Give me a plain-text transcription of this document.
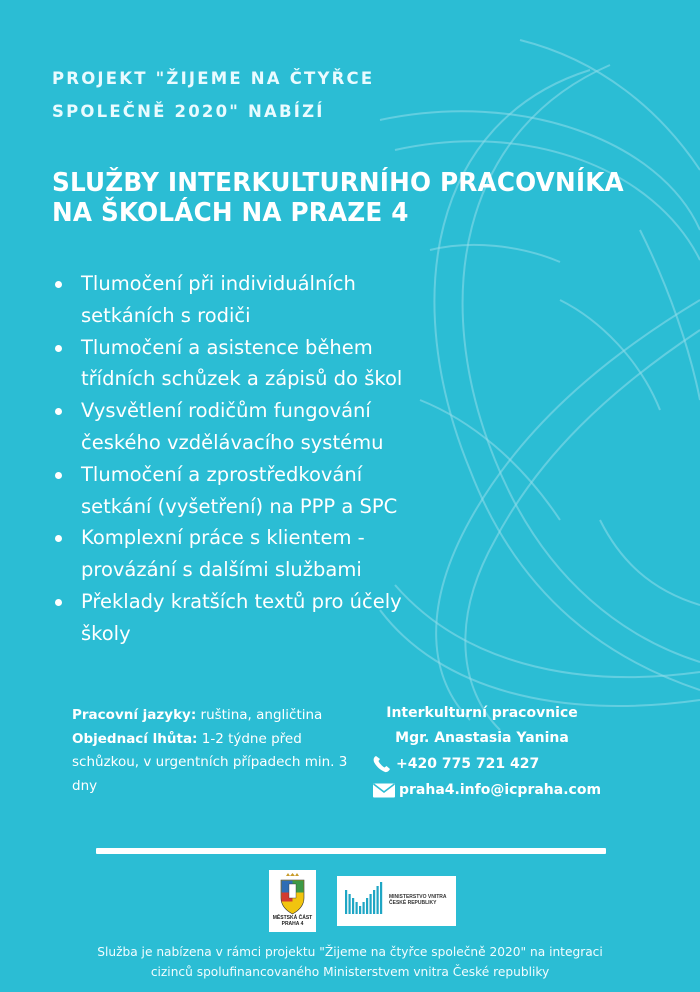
PROJEKT "ŽIJEME NA ČTYŘCE
SPOLEČNĚ 2020" NABÍZÍ
SLUŽBY INTERKULTURNÍHO PRACOVNÍKA
NA ŠKOLÁCH NA PRAZE 4
Tlumočení při individuálních
setkáních s rodiči
Tlumočení a asistence během
třídních schůzek a zápisů do škol
Vysvětlení rodičům fungování
českého vzdělávacího systému
Tlumočení a zprostředkování
setkání (vyšetření) na PPP a SPC
Komplexní práce s klientem -
provázání s dalšími službami
Překlady kratších textů pro účely
školy

Pracovní jazyky: ruština, angličtina

Objednací lhůta: 1-2 týdne před schůzkou, v urgentních případech min. 3 dny

Interkulturní pracovnice
Mgr. Anastasia Yanina
+420 775 721 427
praha4.info@icpraha.com
MĚSTSKÁ ČÁST
PRAHA 4
MINISTERSTVO VNITRA
ČESKÉ REPUBLIKY

Služba je nabízena v rámci projektu "Žijeme na čtyřce společně 2020" na integraci
cizinců spolufinancovaného Ministerstvem vnitra České republiky
